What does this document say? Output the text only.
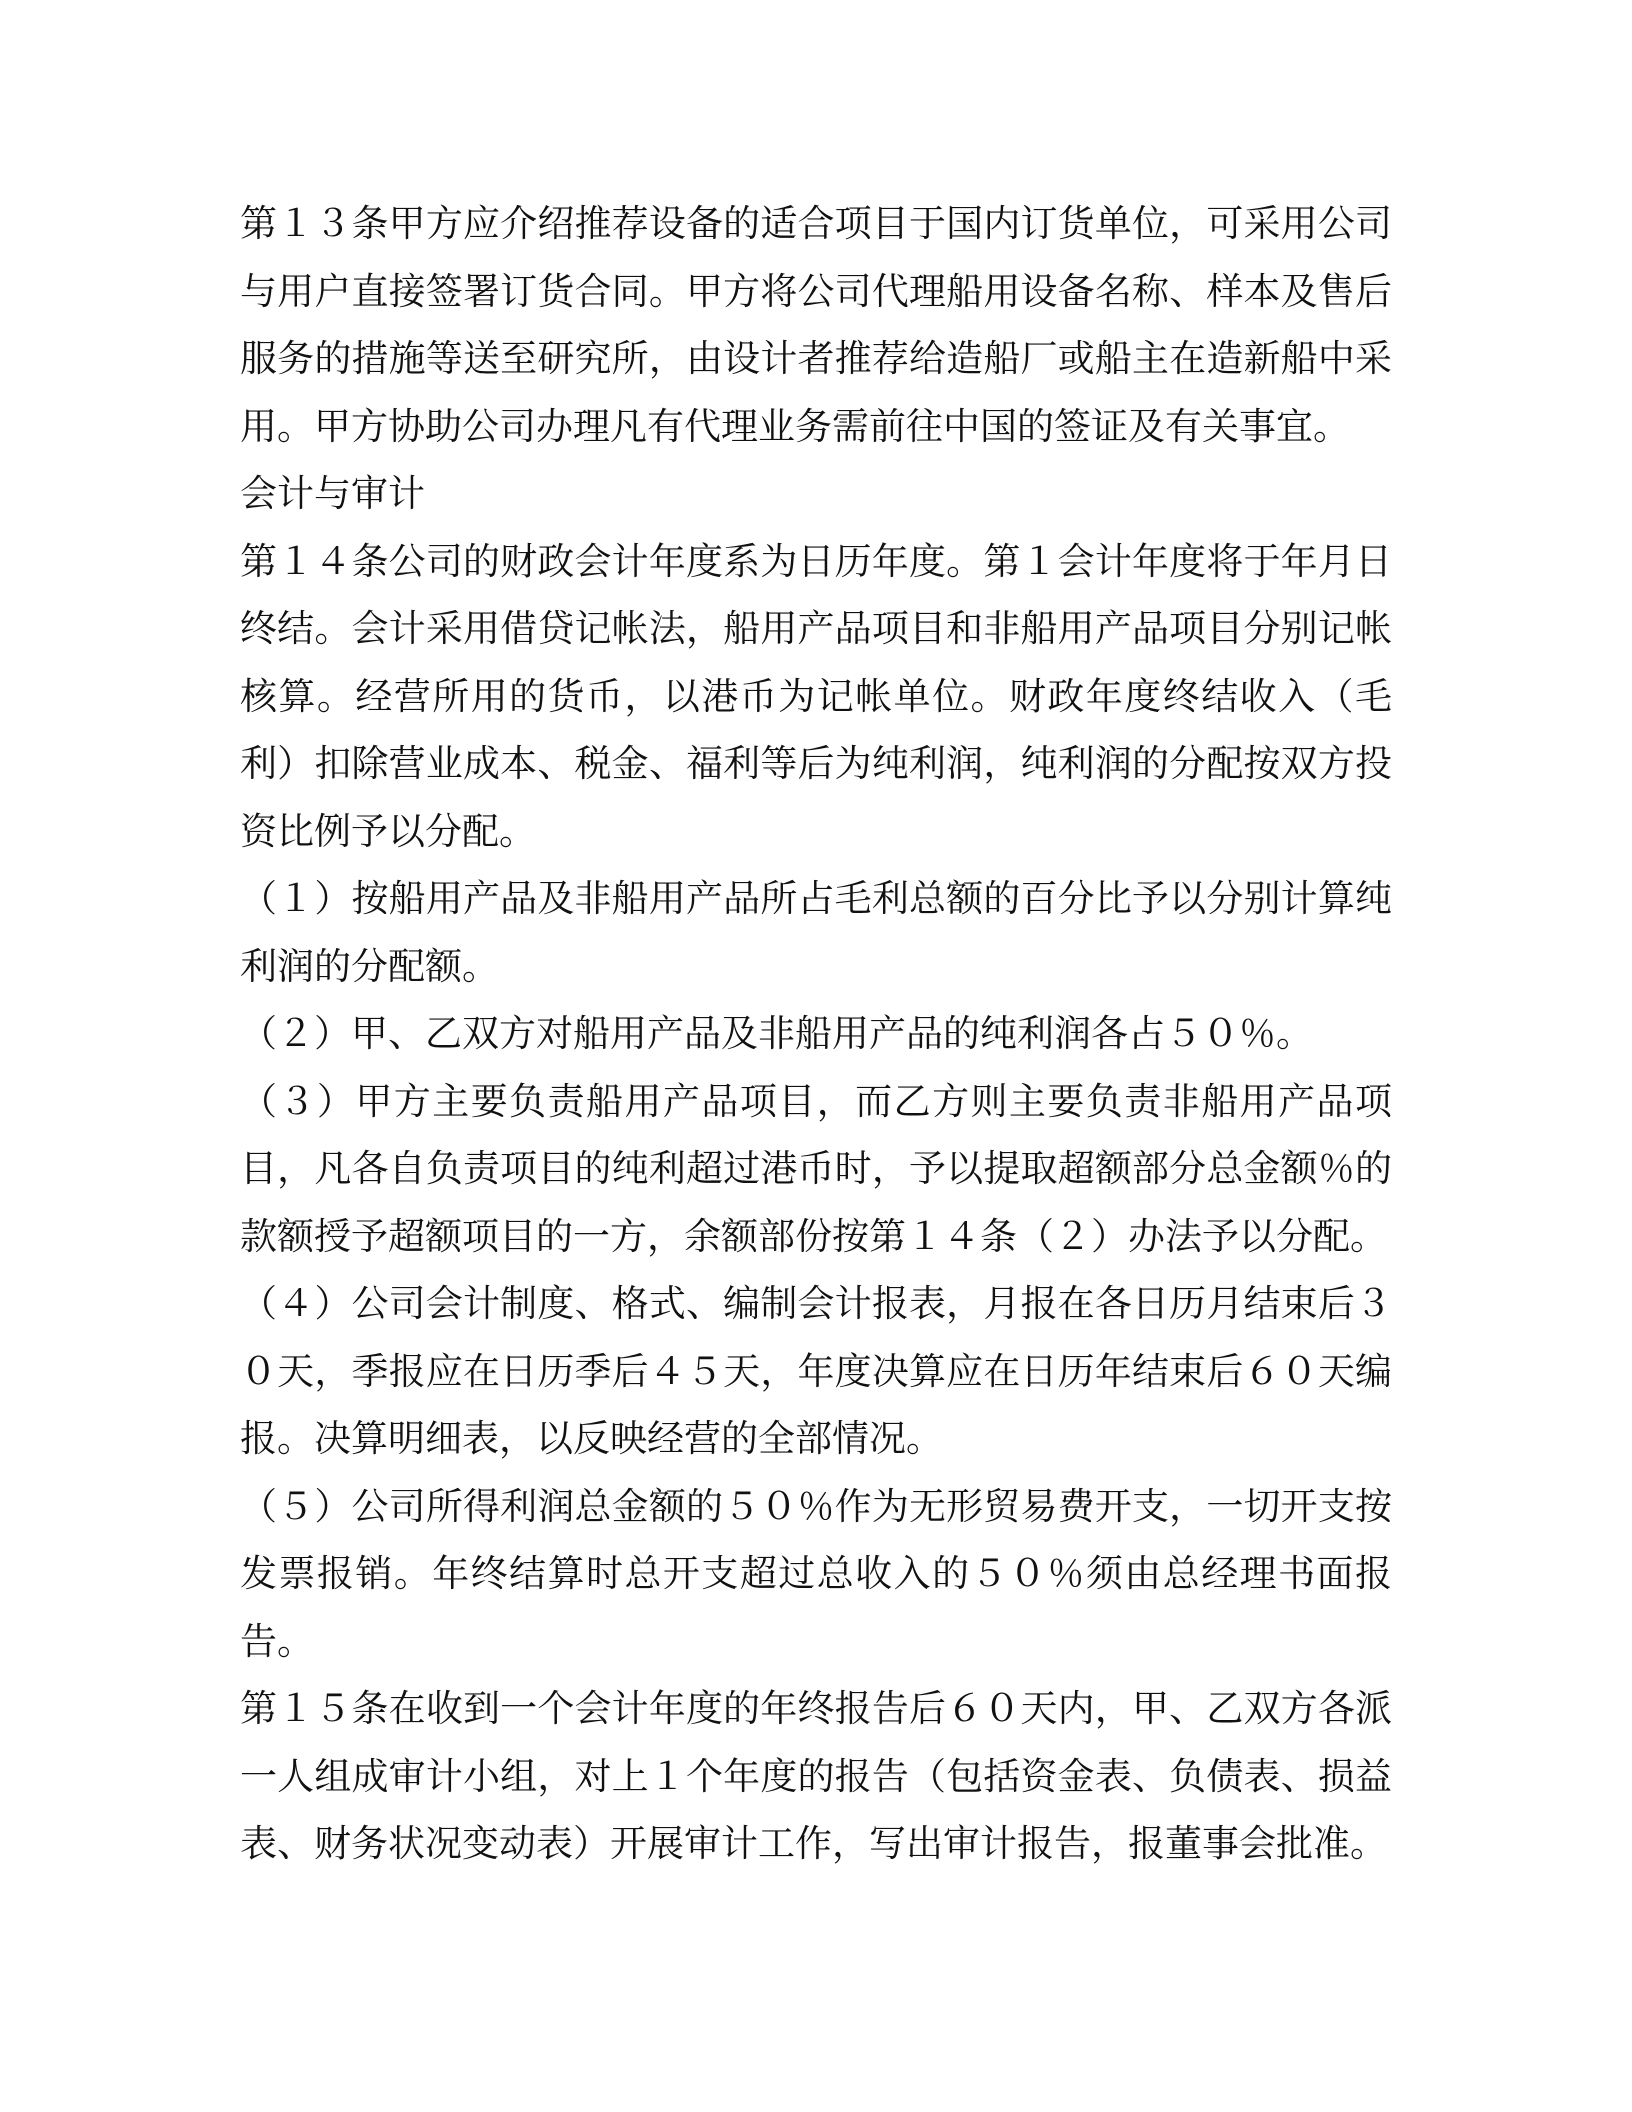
第１３条甲方应介绍推荐设备的适合项目于国内订货单位，可采用公司与用户直接签署订货合同。甲方将公司代理船用设备名称、样本及售后服务的措施等送至研究所，由设计者推荐给造船厂或船主在造新船中采用。甲方协助公司办理凡有代理业务需前往中国的签证及有关事宜。

会计与审计

第１４条公司的财政会计年度系为日历年度。第１会计年度将于年月日终结。会计采用借贷记帐法，船用产品项目和非船用产品项目分别记帐核算。经营所用的货币，以港币为记帐单位。财政年度终结收入（毛利）扣除营业成本、税金、福利等后为纯利润，纯利润的分配按双方投资比例予以分配。

（１）按船用产品及非船用产品所占毛利总额的百分比予以分别计算纯利润的分配额。

（２）甲、乙双方对船用产品及非船用产品的纯利润各占５０％。

（３）甲方主要负责船用产品项目，而乙方则主要负责非船用产品项目，凡各自负责项目的纯利超过港币时，予以提取超额部分总金额％的款额授予超额项目的一方，余额部份按第１４条（２）办法予以分配。

（４）公司会计制度、格式、编制会计报表，月报在各日历月结束后３０天，季报应在日历季后４５天，年度决算应在日历年结束后６０天编报。决算明细表，以反映经营的全部情况。

（５）公司所得利润总金额的５０％作为无形贸易费开支，一切开支按发票报销。年终结算时总开支超过总收入的５０％须由总经理书面报告。

第１５条在收到一个会计年度的年终报告后６０天内，甲、乙双方各派一人组成审计小组，对上１个年度的报告（包括资金表、负债表、损益表、财务状况变动表）开展审计工作，写出审计报告，报董事会批准。
